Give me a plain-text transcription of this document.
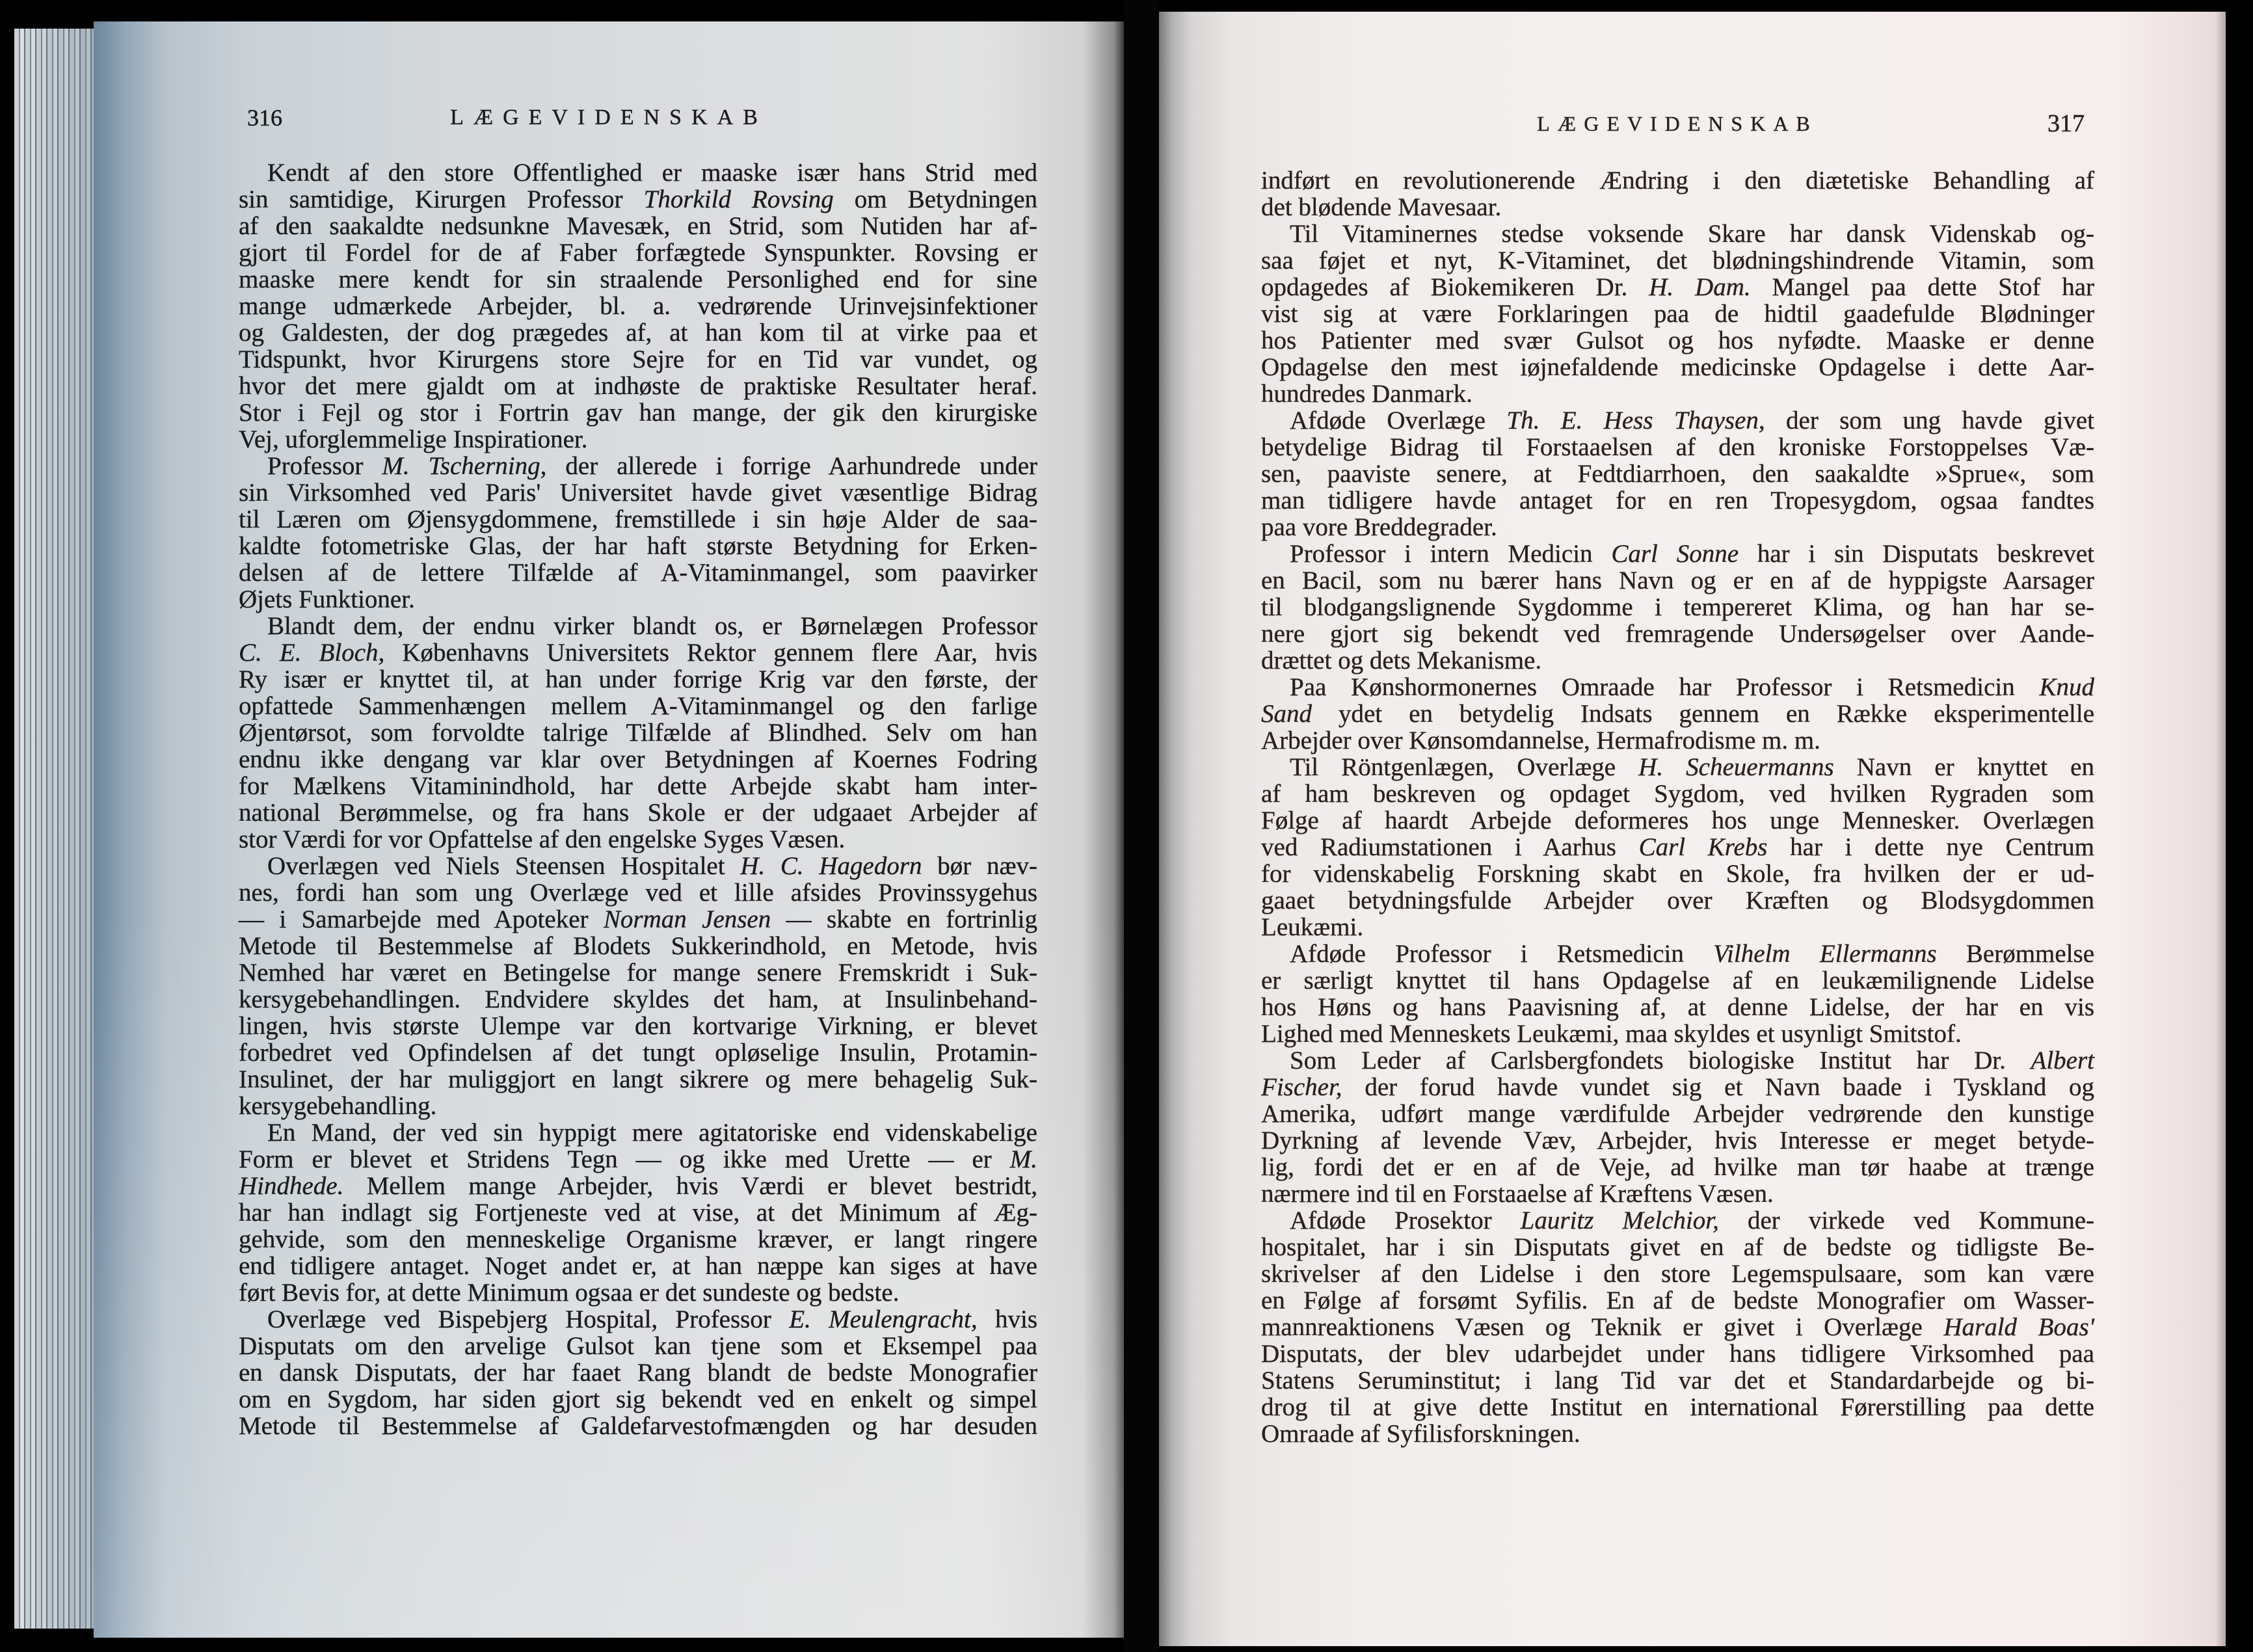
316	LÆGEVIDENSKAB
Kendt af den store Offentlighed er maaske især hans Strid med
sin samtidige, Kirurgen Professor Thorkild Rovsing om Betydningen
af den saakaldte nedsunkne Mavesæk, en Strid, som Nutiden har af-
gjort til Fordel for de af Faber forfægtede Synspunkter. Rovsing er
maaske mere kendt for sin straalende Personlighed end for sine
mange udmærkede Arbejder, bl. a. vedrørende Urinvejsinfektioner
og Galdesten, der dog prægedes af, at han kom til at virke paa et
Tidspunkt, hvor Kirurgens store Sejre for en Tid var vundet, og
hvor det mere gjaldt om at indhøste de praktiske Resultater heraf.
Stor i Fejl og stor i Fortrin gav han mange, der gik den kirurgiske
Vej, uforglemmelige Inspirationer.
Professor M. Tscherning, der allerede i forrige Aarhundrede under
sin Virksomhed ved Paris' Universitet havde givet væsentlige Bidrag
til Læren om Øjensygdommene, fremstillede i sin høje Alder de saa-
kaldte fotometriske Glas, der har haft største Betydning for Erken-
delsen af de lettere Tilfælde af A-Vitaminmangel, som paavirker
Øjets Funktioner.
Blandt dem, der endnu virker blandt os, er Børnelægen Professor
C. E. Bloch, Københavns Universitets Rektor gennem flere Aar, hvis
Ry især er knyttet til, at han under forrige Krig var den første, der
opfattede Sammenhængen mellem A-Vitaminmangel og den farlige
Øjentørsot, som forvoldte talrige Tilfælde af Blindhed. Selv om han
endnu ikke dengang var klar over Betydningen af Koernes Fodring
for Mælkens Vitaminindhold, har dette Arbejde skabt ham inter-
national Berømmelse, og fra hans Skole er der udgaaet Arbejder af
stor Værdi for vor Opfattelse af den engelske Syges Væsen.
Overlægen ved Niels Steensen Hospitalet H. C. Hagedorn bør næv-
nes, fordi han som ung Overlæge ved et lille afsides Provinssygehus
— i Samarbejde med Apoteker Norman Jensen — skabte en fortrinlig
Metode til Bestemmelse af Blodets Sukkerindhold, en Metode, hvis
Nemhed har været en Betingelse for mange senere Fremskridt i Suk-
kersygebehandlingen. Endvidere skyldes det ham, at Insulinbehand-
lingen, hvis største Ulempe var den kortvarige Virkning, er blevet
forbedret ved Opfindelsen af det tungt opløselige Insulin, Protamin-
Insulinet, der har muliggjort en langt sikrere og mere behagelig Suk-
kersygebehandling.
En Mand, der ved sin hyppigt mere agitatoriske end videnskabelige
Form er blevet et Stridens Tegn — og ikke med Urette — er M.
Hindhede. Mellem mange Arbejder, hvis Værdi er blevet bestridt,
har han indlagt sig Fortjeneste ved at vise, at det Minimum af Æg-
gehvide, som den menneskelige Organisme kræver, er langt ringere
end tidligere antaget. Noget andet er, at han næppe kan siges at have
ført Bevis for, at dette Minimum ogsaa er det sundeste og bedste.
Overlæge ved Bispebjerg Hospital, Professor E. Meulengracht, hvis
Disputats om den arvelige Gulsot kan tjene som et Eksempel paa
en dansk Disputats, der har faaet Rang blandt de bedste Monografier
om en Sygdom, har siden gjort sig bekendt ved en enkelt og simpel
Metode til Bestemmelse af Galdefarvestofmængden og har desuden
LÆGEVIDENSKAB	317
indført en revolutionerende Ændring i den diætetiske Behandling af
det blødende Mavesaar.
Til Vitaminernes stedse voksende Skare har dansk Videnskab og-
saa føjet et nyt, K-Vitaminet, det blødningshindrende Vitamin, som
opdagedes af Biokemikeren Dr. H. Dam. Mangel paa dette Stof har
vist sig at være Forklaringen paa de hidtil gaadefulde Blødninger
hos Patienter med svær Gulsot og hos nyfødte. Maaske er denne
Opdagelse den mest iøjnefaldende medicinske Opdagelse i dette Aar-
hundredes Danmark.
Afdøde Overlæge Th. E. Hess Thaysen, der som ung havde givet
betydelige Bidrag til Forstaaelsen af den kroniske Forstoppelses Væ-
sen, paaviste senere, at Fedtdiarrhoen, den saakaldte »Sprue«, som
man tidligere havde antaget for en ren Tropesygdom, ogsaa fandtes
paa vore Breddegrader.
Professor i intern Medicin Carl Sonne har i sin Disputats beskrevet
en Bacil, som nu bærer hans Navn og er en af de hyppigste Aarsager
til blodgangslignende Sygdomme i tempereret Klima, og han har se-
nere gjort sig bekendt ved fremragende Undersøgelser over Aande-
drættet og dets Mekanisme.
Paa Kønshormonernes Omraade har Professor i Retsmedicin Knud
Sand ydet en betydelig Indsats gennem en Række eksperimentelle
Arbejder over Kønsomdannelse, Hermafrodisme m. m.
Til Röntgenlægen, Overlæge H. Scheuermanns Navn er knyttet en
af ham beskreven og opdaget Sygdom, ved hvilken Rygraden som
Følge af haardt Arbejde deformeres hos unge Mennesker. Overlægen
ved Radiumstationen i Aarhus Carl Krebs har i dette nye Centrum
for videnskabelig Forskning skabt en Skole, fra hvilken der er ud-
gaaet betydningsfulde Arbejder over Kræften og Blodsygdommen
Leukæmi.
Afdøde Professor i Retsmedicin Vilhelm Ellermanns Berømmelse
er særligt knyttet til hans Opdagelse af en leukæmilignende Lidelse
hos Høns og hans Paavisning af, at denne Lidelse, der har en vis
Lighed med Menneskets Leukæmi, maa skyldes et usynligt Smitstof.
Som Leder af Carlsbergfondets biologiske Institut har Dr. Albert
Fischer, der forud havde vundet sig et Navn baade i Tyskland og
Amerika, udført mange værdifulde Arbejder vedrørende den kunstige
Dyrkning af levende Væv, Arbejder, hvis Interesse er meget betyde-
lig, fordi det er en af de Veje, ad hvilke man tør haabe at trænge
nærmere ind til en Forstaaelse af Kræftens Væsen.
Afdøde Prosektor Lauritz Melchior, der virkede ved Kommune-
hospitalet, har i sin Disputats givet en af de bedste og tidligste Be-
skrivelser af den Lidelse i den store Legemspulsaare, som kan være
en Følge af forsømt Syfilis. En af de bedste Monografier om Wasser-
mannreaktionens Væsen og Teknik er givet i Overlæge Harald Boas'
Disputats, der blev udarbejdet under hans tidligere Virksomhed paa
Statens Seruminstitut; i lang Tid var det et Standardarbejde og bi-
drog til at give dette Institut en international Førerstilling paa dette
Omraade af Syfilisforskningen.
